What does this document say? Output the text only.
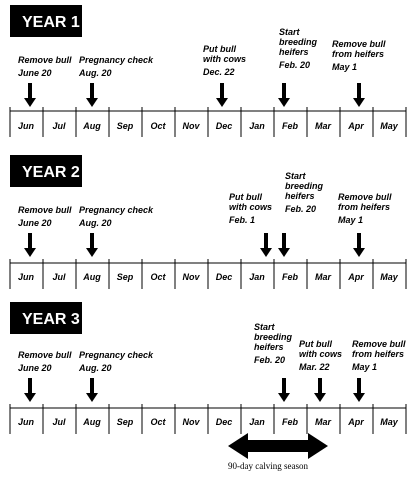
YEAR 1
Remove bull
June 20
Pregnancy check
Aug. 20
Put bull
with cows
Dec. 22
Start
breeding
heifers
Feb. 20
Remove bull
from heifers
May 1
Jun Jul Aug Sep Oct Nov Dec Jan Feb Mar Apr May
YEAR 2
Remove bull
June 20
Pregnancy check
Aug. 20
Put bull
with cows
Feb. 1
Start
breeding
heifers
Feb. 20
Remove bull
from heifers
May 1
Jun Jul Aug Sep Oct Nov Dec Jan Feb Mar Apr May
YEAR 3
Remove bull
June 20
Pregnancy check
Aug. 20
Start
breeding
heifers
Feb. 20
Put bull
with cows
Mar. 22
Remove bull
from heifers
May 1
Jun Jul Aug Sep Oct Nov Dec Jan Feb Mar Apr May
90-day calving season
